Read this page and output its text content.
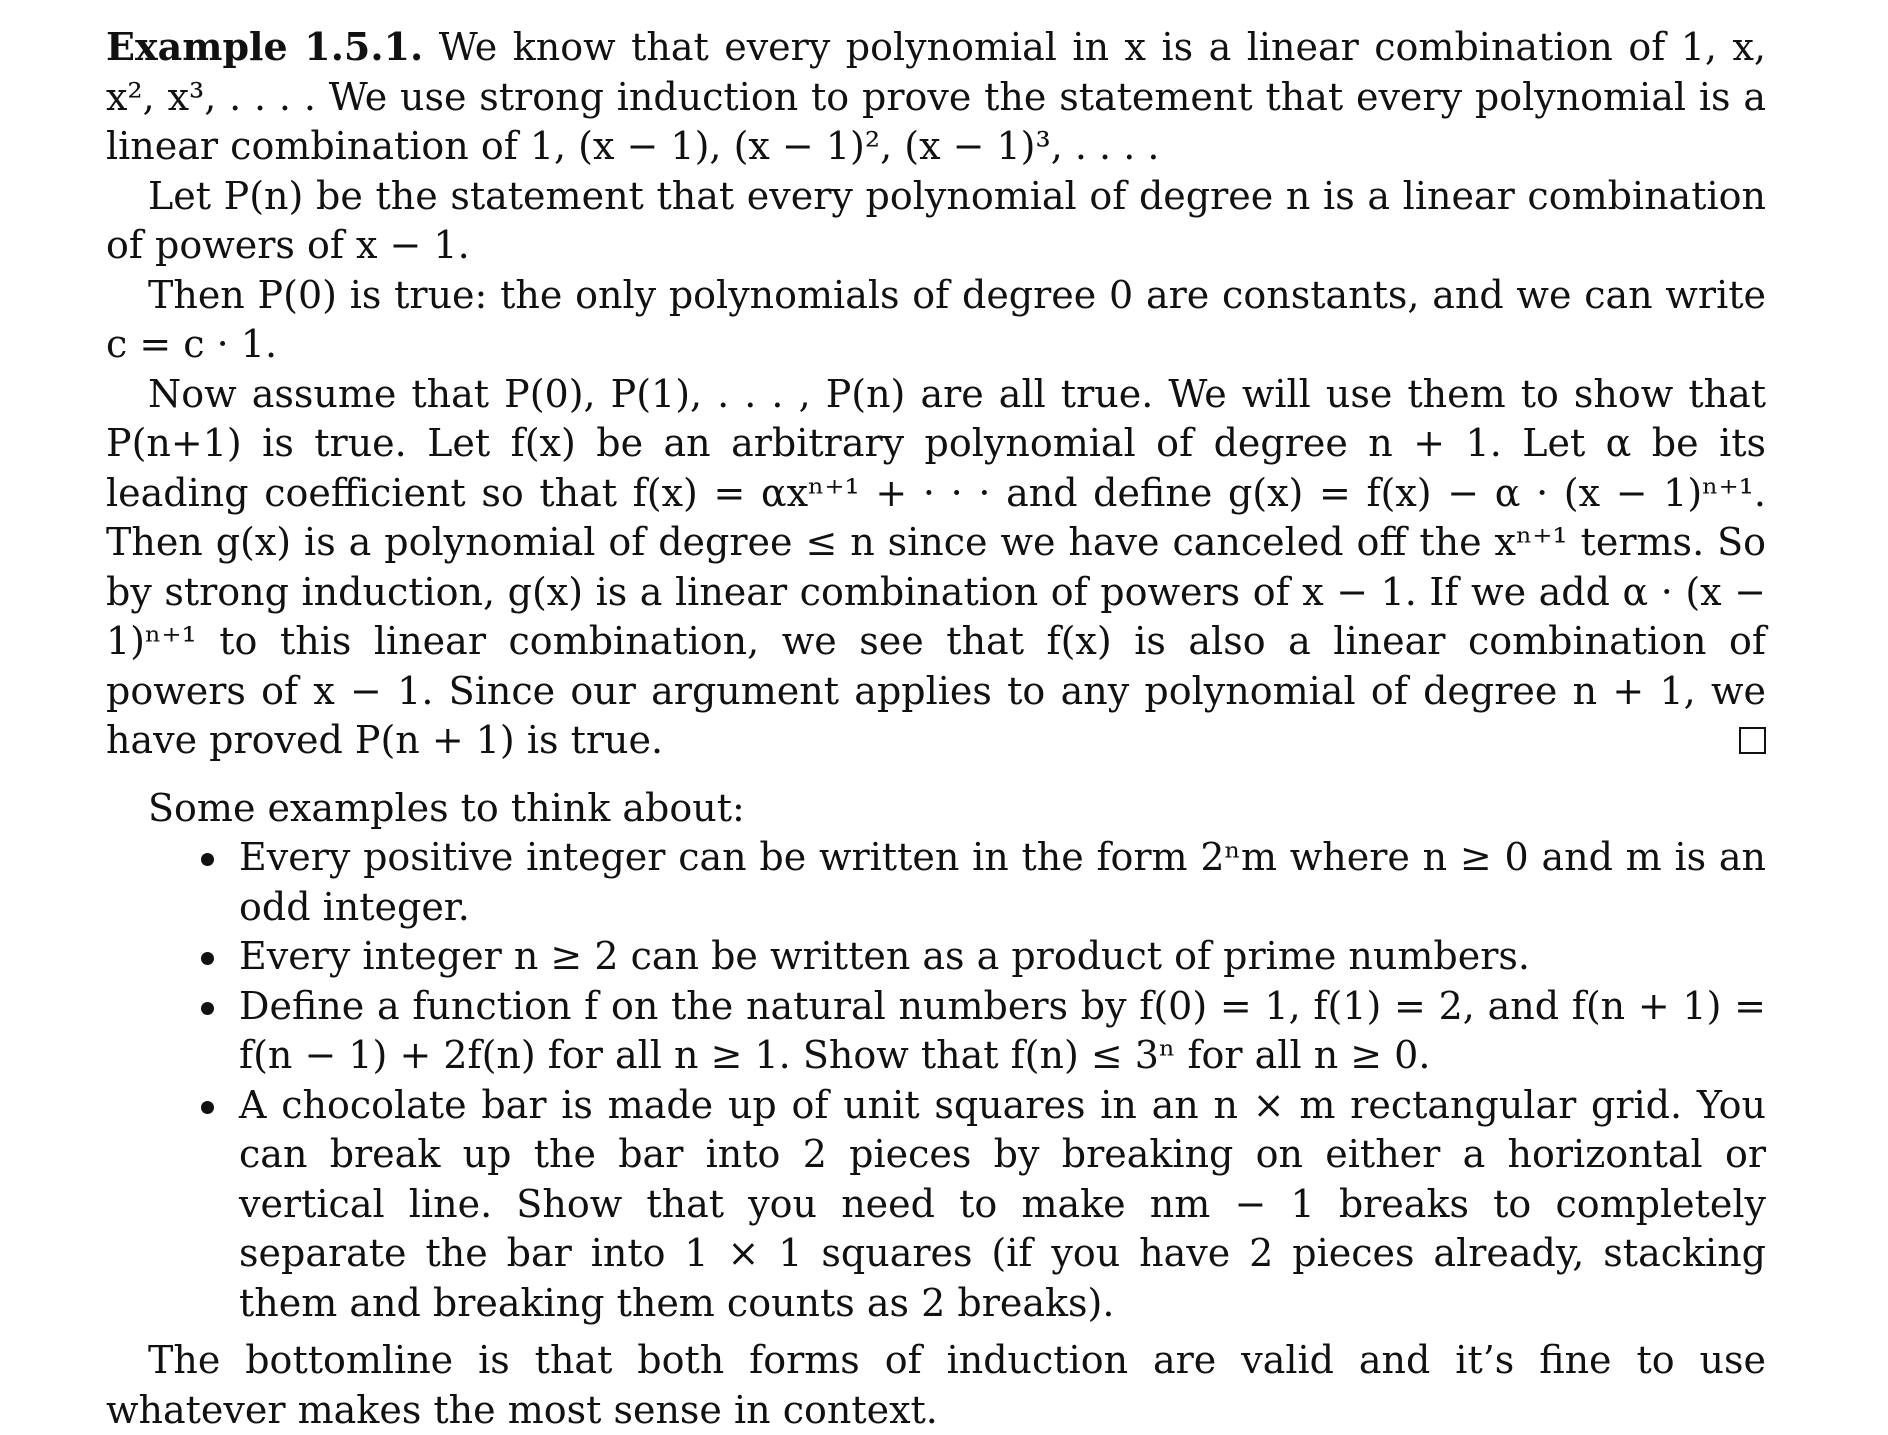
Example 1.5.1. We know that every polynomial in x is a linear combination of 1, x, x², x³, . . . . We use strong induction to prove the statement that every polynomial is a linear combination of 1, (x − 1), (x − 1)², (x − 1)³, . . . .

Let P(n) be the statement that every polynomial of degree n is a linear combination of powers of x − 1.

Then P(0) is true: the only polynomials of degree 0 are constants, and we can write c = c · 1.

Now assume that P(0), P(1), . . . , P(n) are all true. We will use them to show that P(n+1) is true. Let f(x) be an arbitrary polynomial of degree n + 1. Let α be its leading coefficient so that f(x) = αxⁿ⁺¹ + · · · and define g(x) = f(x) − α · (x − 1)ⁿ⁺¹. Then g(x) is a polynomial of degree ≤ n since we have canceled off the xⁿ⁺¹ terms. So by strong induction, g(x) is a linear combination of powers of x − 1. If we add α · (x − 1)ⁿ⁺¹ to this linear combination, we see that f(x) is also a linear combination of powers of x − 1. Since our argument applies to any polynomial of degree n + 1, we have proved P(n + 1) is true.

Some examples to think about:

Every positive integer can be written in the form 2ⁿm where n ≥ 0 and m is an odd integer.
Every integer n ≥ 2 can be written as a product of prime numbers.
Define a function f on the natural numbers by f(0) = 1, f(1) = 2, and f(n + 1) = f(n − 1) + 2f(n) for all n ≥ 1. Show that f(n) ≤ 3ⁿ for all n ≥ 0.
A chocolate bar is made up of unit squares in an n × m rectangular grid. You can break up the bar into 2 pieces by breaking on either a horizontal or vertical line. Show that you need to make nm − 1 breaks to completely separate the bar into 1 × 1 squares (if you have 2 pieces already, stacking them and breaking them counts as 2 breaks).

The bottomline is that both forms of induction are valid and it’s fine to use whatever makes the most sense in context.
